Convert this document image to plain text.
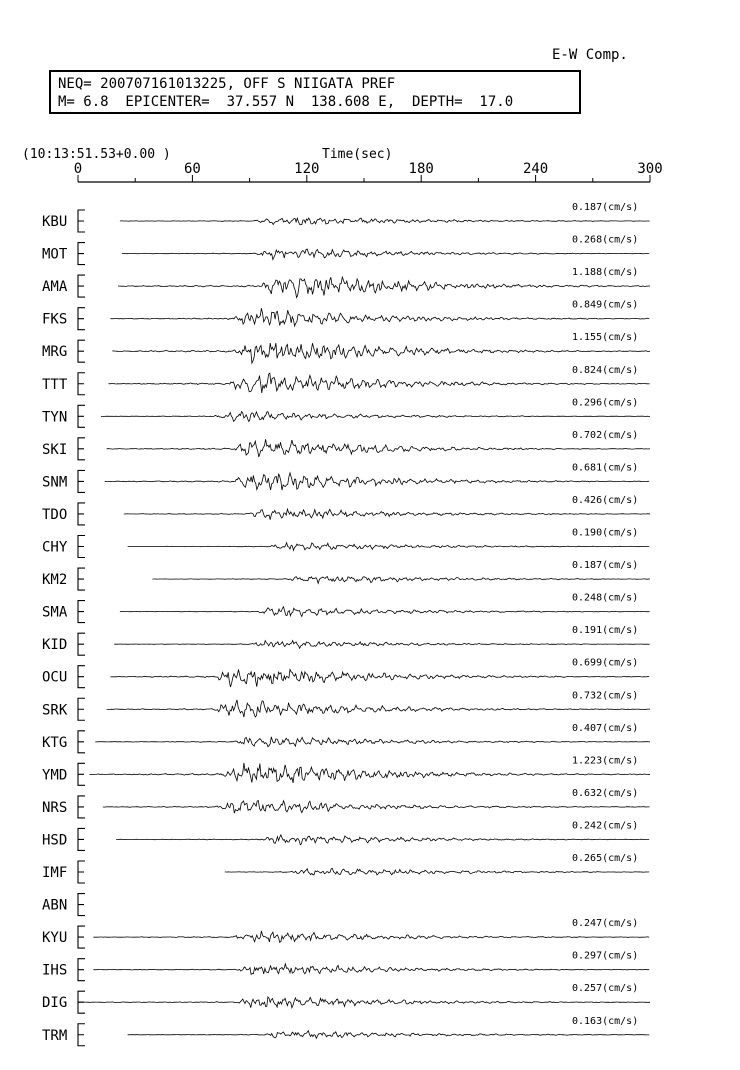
E-W Comp.
NEQ= 200707161013225, OFF S NIIGATA PREF
M= 6.8  EPICENTER=  37.557 N  138.608 E,  DEPTH=  17.0
(10:13:51.53+0.00 )	Time(sec)
0	60	120	180	240	300
KBU
0.187(cm/s)
MOT
0.268(cm/s)
AMA
1.188(cm/s)
FKS
0.849(cm/s)
MRG
1.155(cm/s)
TTT
0.824(cm/s)
TYN
0.296(cm/s)
SKI
0.702(cm/s)
SNM
0.681(cm/s)
TDO
0.426(cm/s)
CHY
0.190(cm/s)
KM2
0.187(cm/s)
SMA
0.248(cm/s)
KID
0.191(cm/s)
OCU
0.699(cm/s)
SRK
0.732(cm/s)
KTG
0.407(cm/s)
YMD
1.223(cm/s)
NRS
0.632(cm/s)
HSD
0.242(cm/s)
IMF
0.265(cm/s)
ABN
KYU
0.247(cm/s)
IHS
0.297(cm/s)
DIG
0.257(cm/s)
TRM
0.163(cm/s)
